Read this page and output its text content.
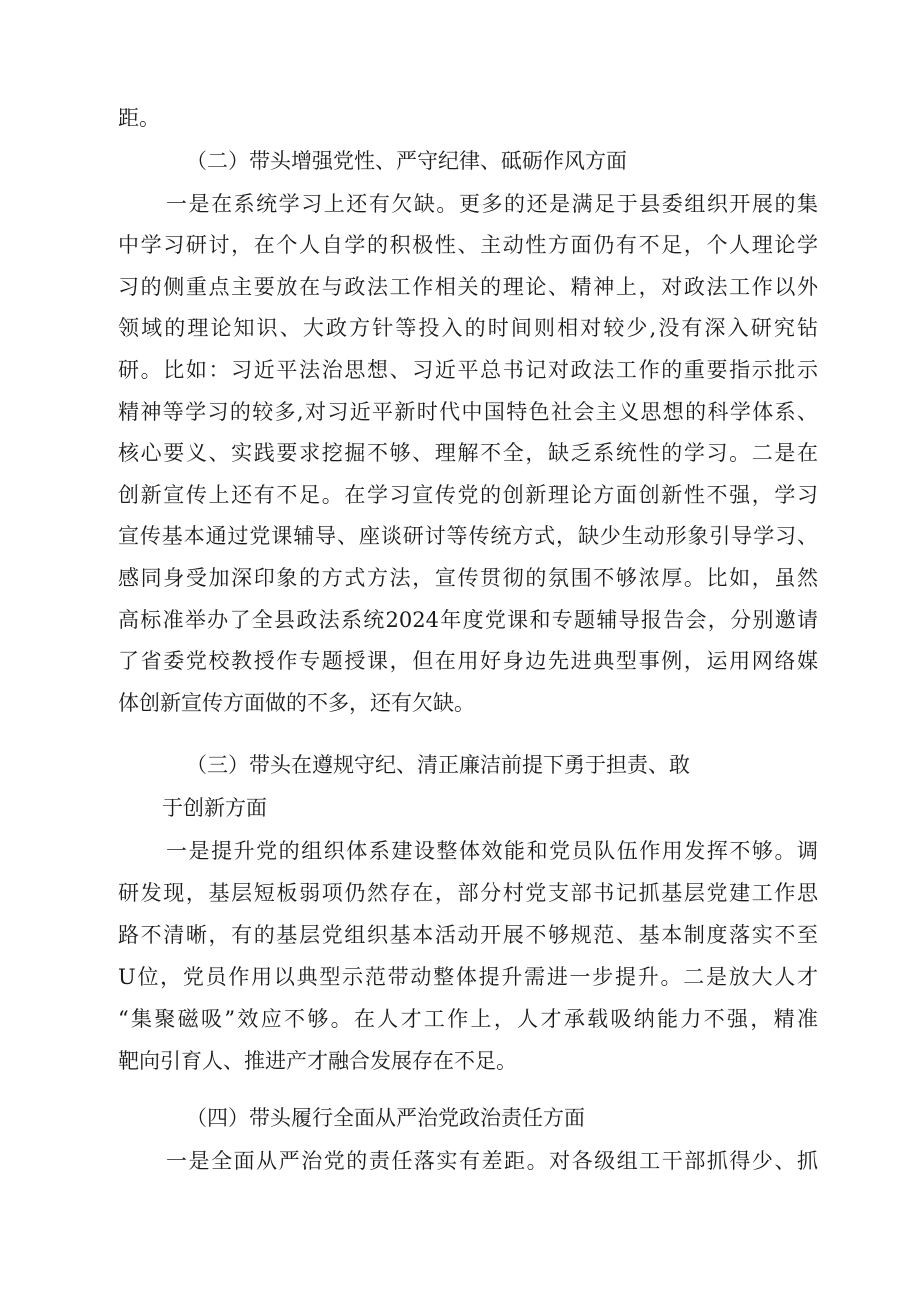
距。
（二）带头增强党性、严守纪律、砥砺作风方面
一是在系统学习上还有欠缺。更多的还是满足于县委组织开展的集
中学习研讨，在个人自学的积极性、主动性方面仍有不足，个人理论学
习的侧重点主要放在与政法工作相关的理论、精神上，对政法工作以外
领域的理论知识、大政方针等投入的时间则相对较少,没有深入研究钻
研。比如：习近平法治思想、习近平总书记对政法工作的重要指示批示
精神等学习的较多,对习近平新时代中国特色社会主义思想的科学体系、
核心要义、实践要求挖掘不够、理解不全，缺乏系统性的学习。二是在
创新宣传上还有不足。在学习宣传党的创新理论方面创新性不强，学习
宣传基本通过党课辅导、座谈研讨等传统方式，缺少生动形象引导学习、
感同身受加深印象的方式方法，宣传贯彻的氛围不够浓厚。比如，虽然
高标准举办了全县政法系统2024年度党课和专题辅导报告会，分别邀请
了省委党校教授作专题授课，但在用好身边先进典型事例，运用网络媒
体创新宣传方面做的不多，还有欠缺。
（三）带头在遵规守纪、清正廉洁前提下勇于担责、敢
于创新方面
一是提升党的组织体系建设整体效能和党员队伍作用发挥不够。调
研发现，基层短板弱项仍然存在，部分村党支部书记抓基层党建工作思
路不清晰，有的基层党组织基本活动开展不够规范、基本制度落实不至
U位，党员作用以典型示范带动整体提升需进一步提升。二是放大人才
“集聚磁吸”效应不够。在人才工作上，人才承载吸纳能力不强，精准
靶向引育人、推进产才融合发展存在不足。
（四）带头履行全面从严治党政治责任方面
一是全面从严治党的责任落实有差距。对各级组工干部抓得少、抓
